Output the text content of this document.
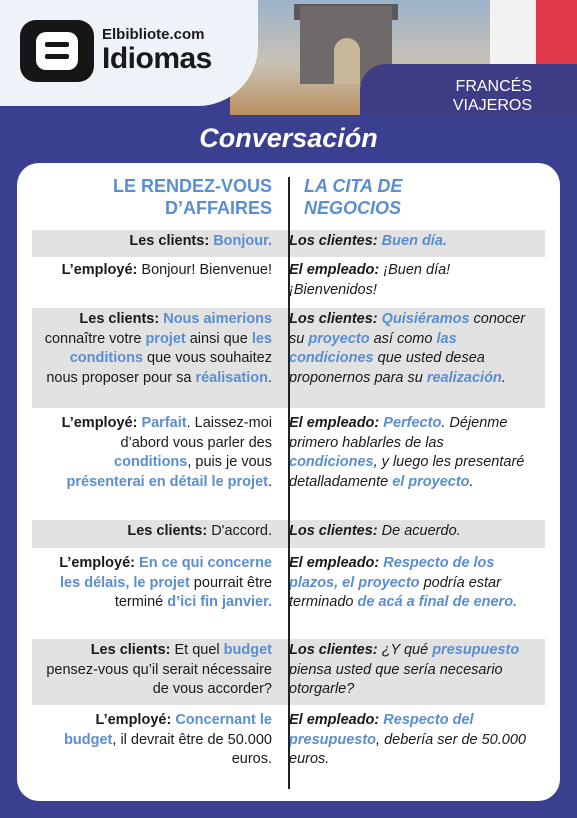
Elbibliote.com
Idiomas
FRANCÉS
VIAJEROS
Conversación
LE RENDEZ-VOUS
D’AFFAIRES
LA CITA DE
NEGOCIOS
Les clients: Bonjour. Los clientes: Buen día.
L’employé: Bonjour! Bienvenue! El empleado: ¡Buen día! ¡Bienvenidos!
Les clients: Nous aimerions connaître votre projet ainsi que les conditions que vous souhaitez nous proposer pour sa réalisation.
Los clientes: Quisiéramos conocer su proyecto así como las condiciones que usted desea proponernos para su realización.
L’employé: Parfait. Laissez-moi d’abord vous parler des conditions, puis je vous présenterai en détail le projet.
El empleado: Perfecto. Déjenme primero hablarles de las condiciones, y luego les presentaré detalladamente el proyecto.
Les clients: D'accord. Los clientes: De acuerdo.
L’employé: En ce qui concerne les délais, le projet pourrait être terminé d’ici fin janvier.
El empleado: Respecto de los plazos, el proyecto podría estar terminado de acá a final de enero.
Les clients: Et quel budget pensez-vous qu’il serait nécessaire de vous accorder?
Los clientes: ¿Y qué presupuesto piensa usted que sería necesario otorgarle?
L’employé: Concernant le budget, il devrait être de 50.000 euros.
El empleado: Respecto del presupuesto, debería ser de 50.000 euros.
